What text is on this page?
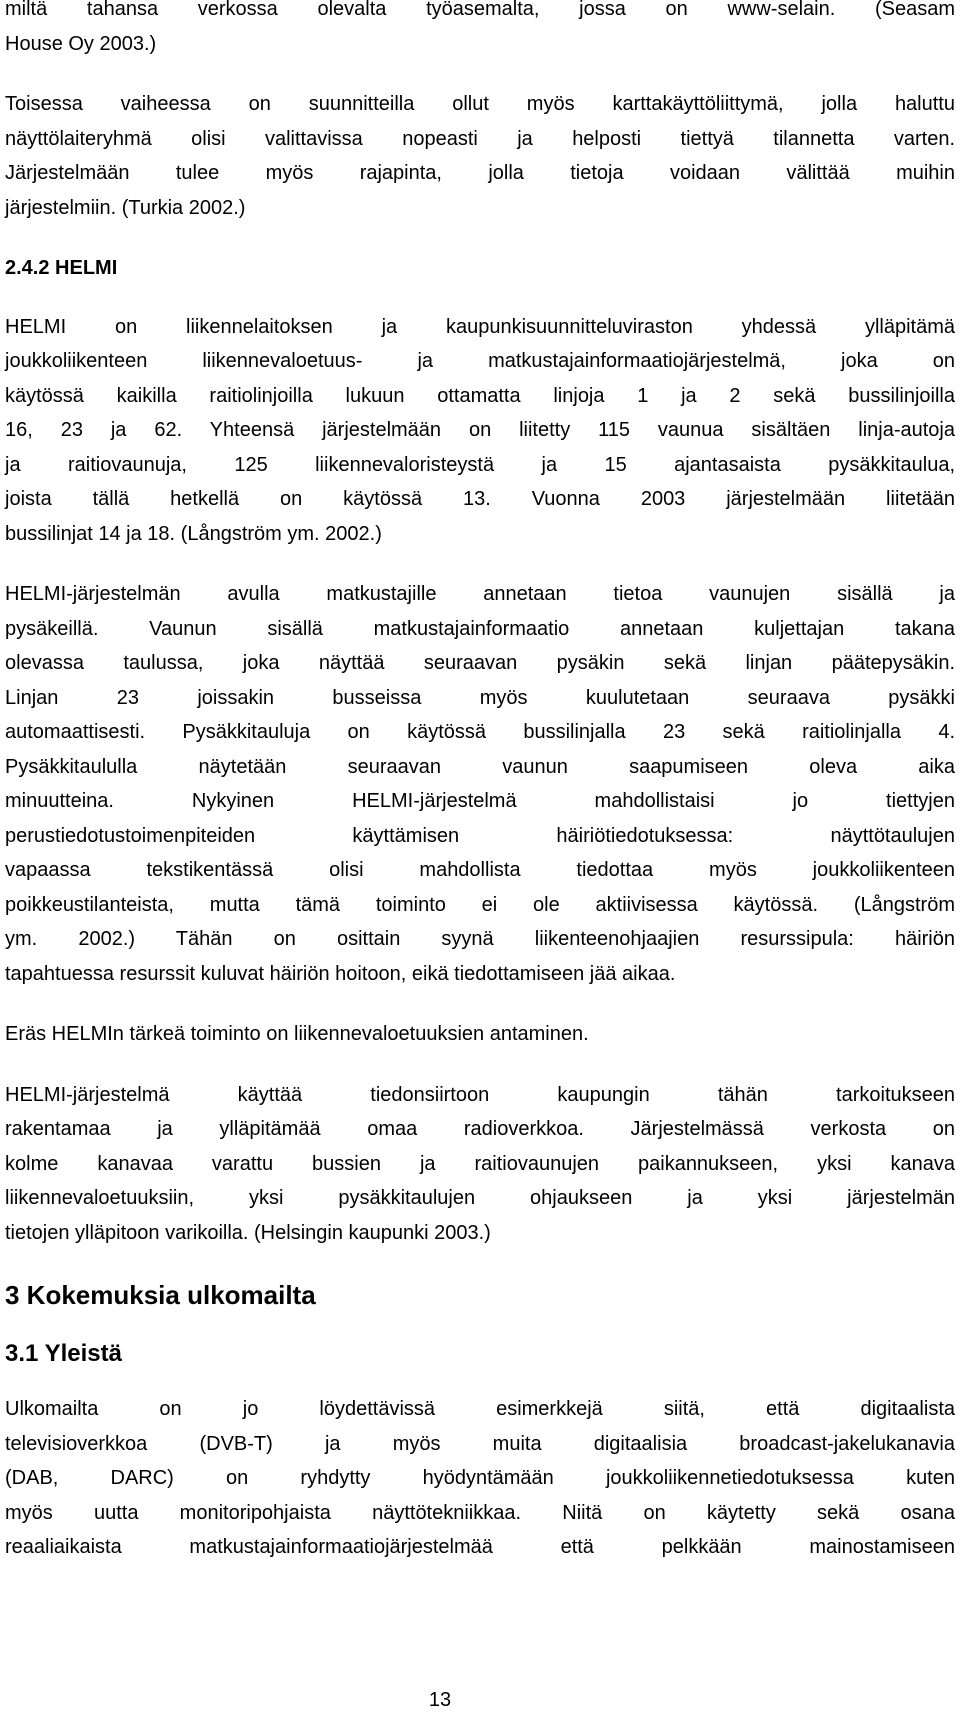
miltä tahansa verkossa olevalta työasemalta, jossa on www-selain. (Seasam
House Oy 2003.)
Toisessa vaiheessa on suunnitteilla ollut myös karttakäyttöliittymä, jolla haluttu
näyttölaiteryhmä olisi valittavissa nopeasti ja helposti tiettyä tilannetta varten.
Järjestelmään tulee myös rajapinta, jolla tietoja voidaan välittää muihin
järjestelmiin. (Turkia 2002.)
2.4.2 HELMI
HELMI on liikennelaitoksen ja kaupunkisuunnitteluviraston yhdessä ylläpitämä
joukkoliikenteen liikennevaloetuus- ja matkustajainformaatiojärjestelmä, joka on
käytössä kaikilla raitiolinjoilla lukuun ottamatta linjoja 1 ja 2 sekä bussilinjoilla
16, 23 ja 62. Yhteensä järjestelmään on liitetty 115 vaunua sisältäen linja-autoja
ja raitiovaunuja, 125 liikennevaloristeystä ja 15 ajantasaista pysäkkitaulua,
joista tällä hetkellä on käytössä 13. Vuonna 2003 järjestelmään liitetään
bussilinjat 14 ja 18. (Långström ym. 2002.)
HELMI-järjestelmän avulla matkustajille annetaan tietoa vaunujen sisällä ja
pysäkeillä. Vaunun sisällä matkustajainformaatio annetaan kuljettajan takana
olevassa taulussa, joka näyttää seuraavan pysäkin sekä linjan päätepysäkin.
Linjan 23 joissakin busseissa myös kuulutetaan seuraava pysäkki
automaattisesti. Pysäkkitauluja on käytössä bussilinjalla 23 sekä raitiolinjalla 4.
Pysäkkitaululla näytetään seuraavan vaunun saapumiseen oleva aika
minuutteina. Nykyinen HELMI-järjestelmä mahdollistaisi jo tiettyjen
perustiedotustoimenpiteiden käyttämisen häiriötiedotuksessa: näyttötaulujen
vapaassa tekstikentässä olisi mahdollista tiedottaa myös joukkoliikenteen
poikkeustilanteista, mutta tämä toiminto ei ole aktiivisessa käytössä. (Långström
ym. 2002.) Tähän on osittain syynä liikenteenohjaajien resurssipula: häiriön
tapahtuessa resurssit kuluvat häiriön hoitoon, eikä tiedottamiseen jää aikaa.
Eräs HELMIn tärkeä toiminto on liikennevaloetuuksien antaminen.
HELMI-järjestelmä käyttää tiedonsiirtoon kaupungin tähän tarkoitukseen
rakentamaa ja ylläpitämää omaa radioverkkoa. Järjestelmässä verkosta on
kolme kanavaa varattu bussien ja raitiovaunujen paikannukseen, yksi kanava
liikennevaloetuuksiin, yksi pysäkkitaulujen ohjaukseen ja yksi järjestelmän
tietojen ylläpitoon varikoilla. (Helsingin kaupunki 2003.)
3 Kokemuksia ulkomailta
3.1 Yleistä
Ulkomailta on jo löydettävissä esimerkkejä siitä, että digitaalista
televisioverkkoa (DVB-T) ja myös muita digitaalisia broadcast-jakelukanavia
(DAB, DARC) on ryhdytty hyödyntämään joukkoliikennetiedotuksessa kuten
myös uutta monitoripohjaista näyttötekniikkaa. Niitä on käytetty sekä osana
reaaliaikaista matkustajainformaatiojärjestelmää että pelkkään mainostamiseen
13
